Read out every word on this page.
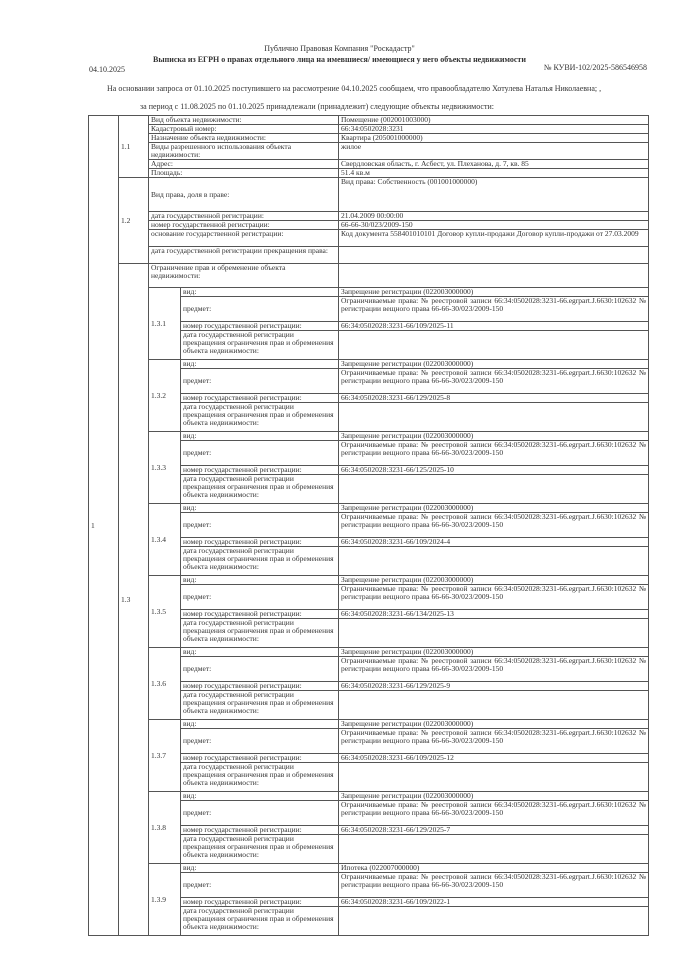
Публично Правовая Компания "Роскадастр"
Выписка из ЕГРН о правах отдельного лица на имевшиеся/ имеющиеся у него объекты недвижимости
04.10.2025	№ КУВИ-102/2025-586546958
На основании запроса от 01.10.2025 поступившего на рассмотрение 04.10.2025 сообщаем, что правообладателю Хотулева Наталья Николаевна; ,
за период с 11.08.2025 по 01.10.2025 принадлежали (принадлежит) следующие объекты недвижимости:
1	1.1	Вид объекта недвижимости:		Помещение (002001003000)
		Кадастровый номер:		66:34:0502028:3231
		Назначение объекта недвижимости:		Квартира (205001000000)
		Виды разрешенного использования объекта недвижимости:		жилое
		Адрес:		Свердловская область, г. Асбест, ул. Плеханова, д. 7, кв. 85
		Площадь:		51.4 кв.м
	1.2	Вид права, доля в праве:		Вид права: Собственность (001001000000)
		дата государственной регистрации:		21.04.2009 00:00:00
		номер государственной регистрации:		66-66-30/023/2009-150
		основание государственной регистрации:		Код документа 558401010101 Договор купли-продажи Договор купли-продажи от 27.03.2009
		дата государственной регистрации прекращения права:		
	1.3	Ограничение прав и обременение объекта недвижимости:		
		1.3.1	вид:	Запрещение регистрации (022003000000)
			предмет:	Ограничиваемые права: № реестровой записи 66:34:0502028:3231-66.egrpart.J.6630:102632 № регистрации вещного права 66-66-30/023/2009-150
			номер государственной регистрации:	66:34:0502028:3231-66/109/2025-11
			дата государственной регистрации прекращения ограничения прав и обременения объекта недвижимости:	
		1.3.2	вид:	Запрещение регистрации (022003000000)
			предмет:	Ограничиваемые права: № реестровой записи 66:34:0502028:3231-66.egrpart.J.6630:102632 № регистрации вещного права 66-66-30/023/2009-150
			номер государственной регистрации:	66:34:0502028:3231-66/129/2025-8
			дата государственной регистрации прекращения ограничения прав и обременения объекта недвижимости:	
		1.3.3	вид:	Запрещение регистрации (022003000000)
			предмет:	Ограничиваемые права: № реестровой записи 66:34:0502028:3231-66.egrpart.J.6630:102632 № регистрации вещного права 66-66-30/023/2009-150
			номер государственной регистрации:	66:34:0502028:3231-66/125/2025-10
			дата государственной регистрации прекращения ограничения прав и обременения объекта недвижимости:	
		1.3.4	вид:	Запрещение регистрации (022003000000)
			предмет:	Ограничиваемые права: № реестровой записи 66:34:0502028:3231-66.egrpart.J.6630:102632 № регистрации вещного права 66-66-30/023/2009-150
			номер государственной регистрации:	66:34:0502028:3231-66/109/2024-4
			дата государственной регистрации прекращения ограничения прав и обременения объекта недвижимости:	
		1.3.5	вид:	Запрещение регистрации (022003000000)
			предмет:	Ограничиваемые права: № реестровой записи 66:34:0502028:3231-66.egrpart.J.6630:102632 № регистрации вещного права 66-66-30/023/2009-150
			номер государственной регистрации:	66:34:0502028:3231-66/134/2025-13
			дата государственной регистрации прекращения ограничения прав и обременения объекта недвижимости:	
		1.3.6	вид:	Запрещение регистрации (022003000000)
			предмет:	Ограничиваемые права: № реестровой записи 66:34:0502028:3231-66.egrpart.J.6630:102632 № регистрации вещного права 66-66-30/023/2009-150
			номер государственной регистрации:	66:34:0502028:3231-66/129/2025-9
			дата государственной регистрации прекращения ограничения прав и обременения объекта недвижимости:	
		1.3.7	вид:	Запрещение регистрации (022003000000)
			предмет:	Ограничиваемые права: № реестровой записи 66:34:0502028:3231-66.egrpart.J.6630:102632 № регистрации вещного права 66-66-30/023/2009-150
			номер государственной регистрации:	66:34:0502028:3231-66/109/2025-12
			дата государственной регистрации прекращения ограничения прав и обременения объекта недвижимости:	
		1.3.8	вид:	Запрещение регистрации (022003000000)
			предмет:	Ограничиваемые права: № реестровой записи 66:34:0502028:3231-66.egrpart.J.6630:102632 № регистрации вещного права 66-66-30/023/2009-150
			номер государственной регистрации:	66:34:0502028:3231-66/129/2025-7
			дата государственной регистрации прекращения ограничения прав и обременения объекта недвижимости:	
		1.3.9	вид:	Ипотека (022007000000)
			предмет:	Ограничиваемые права: № реестровой записи 66:34:0502028:3231-66.egrpart.J.6630:102632 № регистрации вещного права 66-66-30/023/2009-150
			номер государственной регистрации:	66:34:0502028:3231-66/109/2022-1
			дата государственной регистрации прекращения ограничения прав и обременения объекта недвижимости:	
